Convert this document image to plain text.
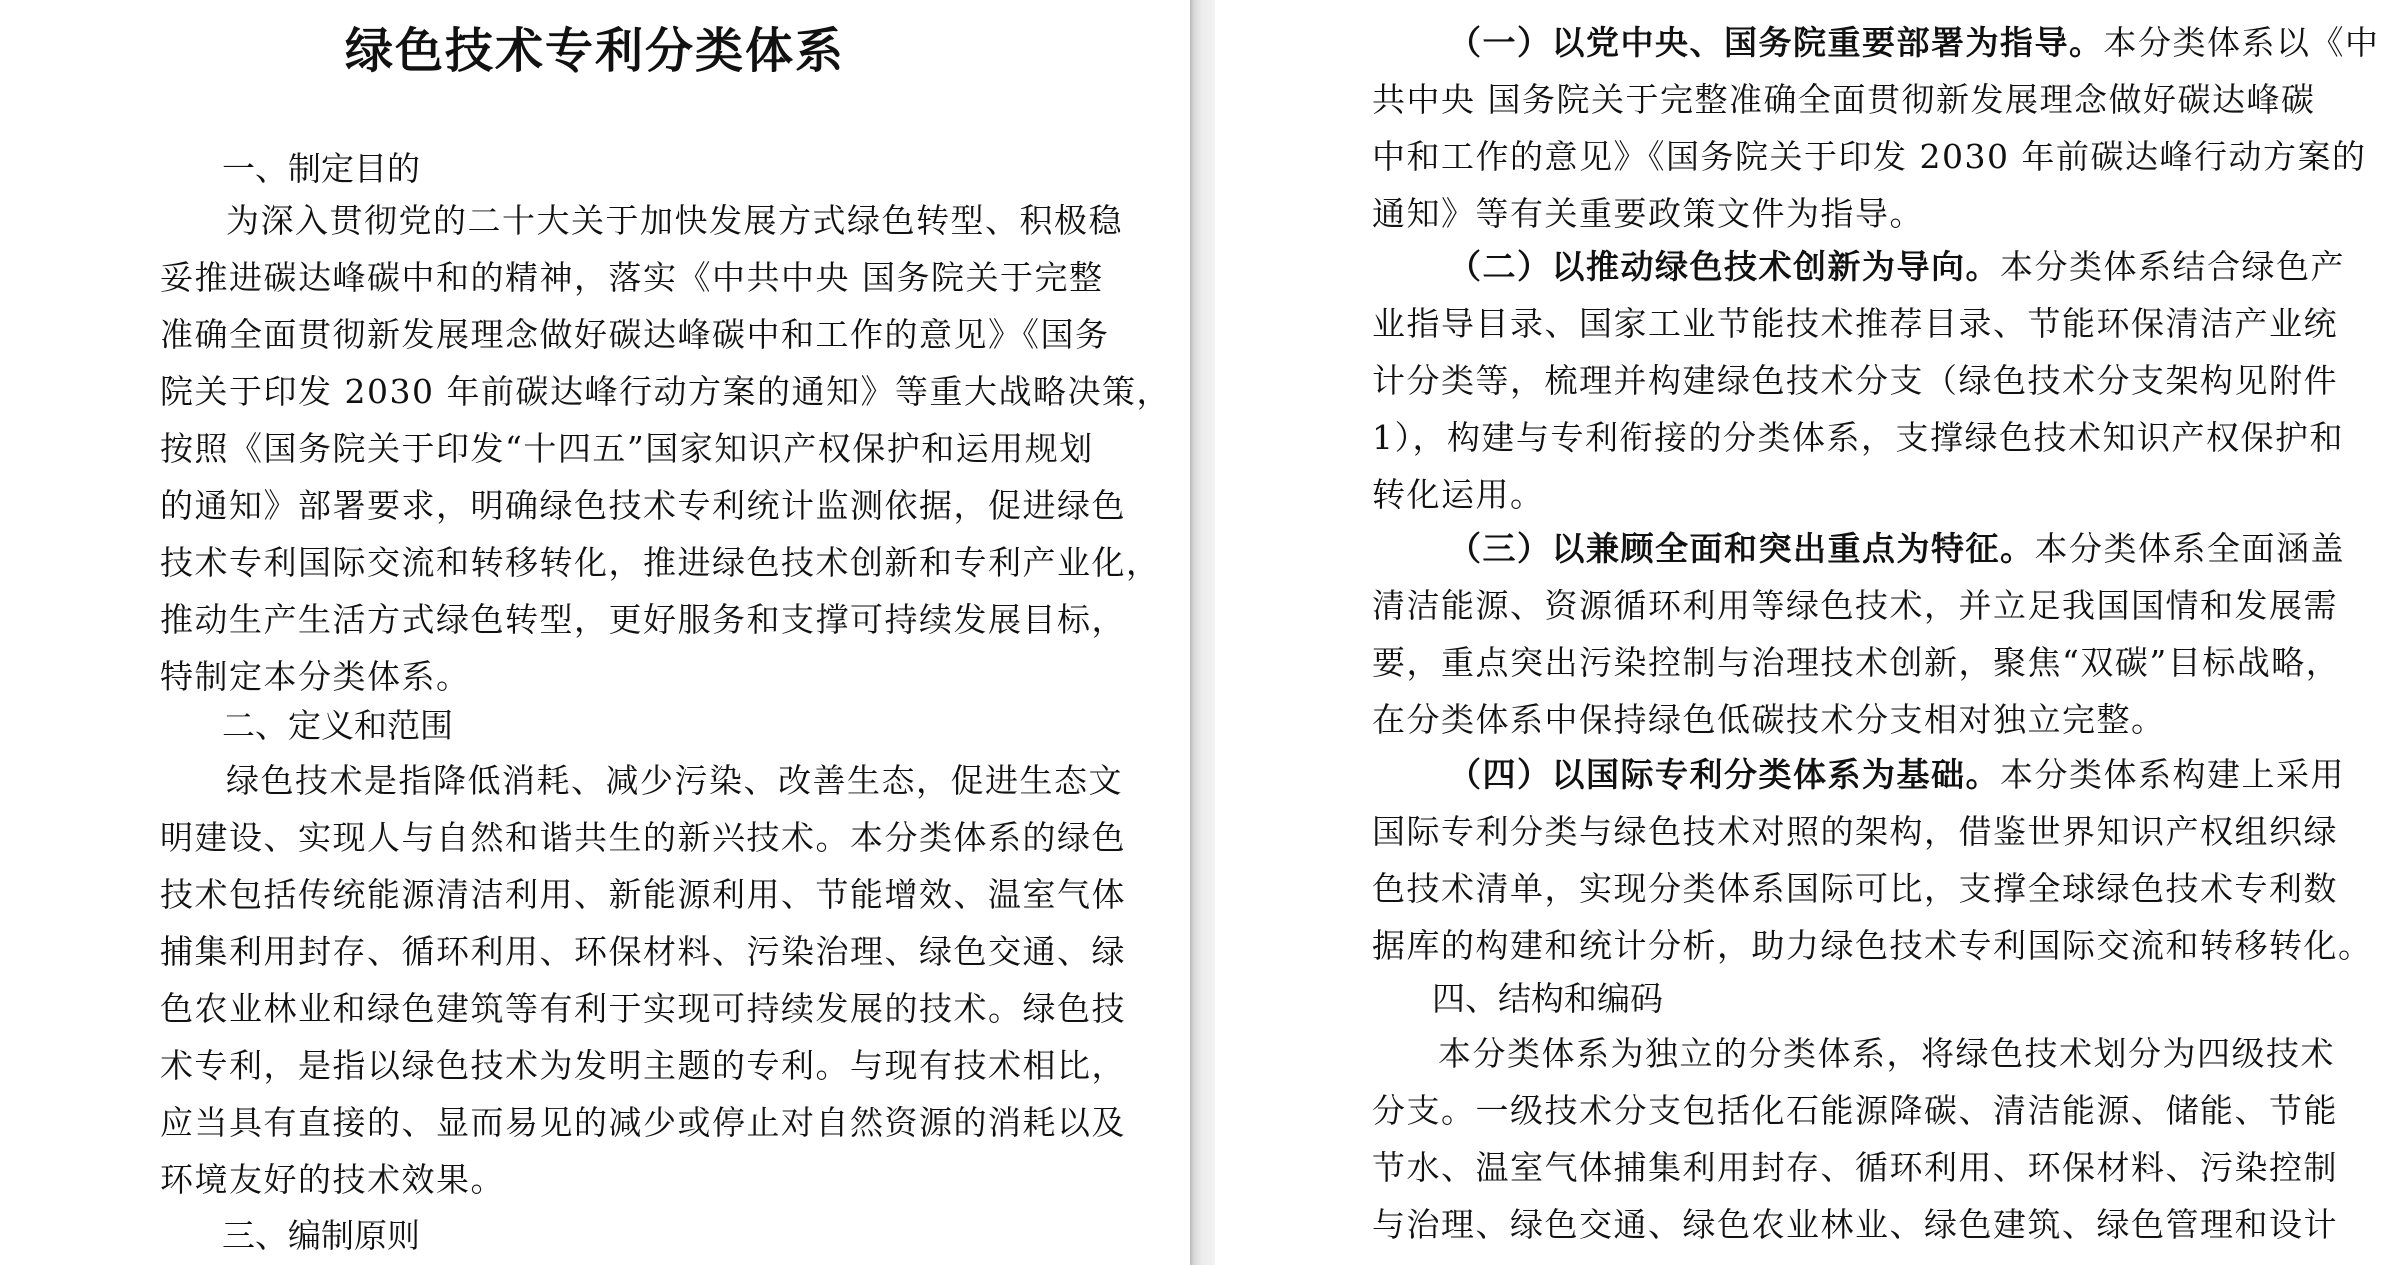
绿色技术专利分类体系
一、制定目的
为深入贯彻党的二十大关于加快发展方式绿色转型、积极稳
妥推进碳达峰碳中和的精神，落实《中共中央 国务院关于完整
准确全面贯彻新发展理念做好碳达峰碳中和工作的意见》《国务
院关于印发 2030 年前碳达峰行动方案的通知》等重大战略决策，
按照《国务院关于印发“十四五”国家知识产权保护和运用规划
的通知》部署要求，明确绿色技术专利统计监测依据，促进绿色
技术专利国际交流和转移转化，推进绿色技术创新和专利产业化，
推动生产生活方式绿色转型，更好服务和支撑可持续发展目标，
特制定本分类体系。
二、定义和范围
绿色技术是指降低消耗、减少污染、改善生态，促进生态文
明建设、实现人与自然和谐共生的新兴技术。本分类体系的绿色
技术包括传统能源清洁利用、新能源利用、节能增效、温室气体
捕集利用封存、循环利用、环保材料、污染治理、绿色交通、绿
色农业林业和绿色建筑等有利于实现可持续发展的技术。绿色技
术专利，是指以绿色技术为发明主题的专利。与现有技术相比，
应当具有直接的、显而易见的减少或停止对自然资源的消耗以及
环境友好的技术效果。
三、编制原则
（一）以党中央、国务院重要部署为指导。本分类体系以《中
共中央 国务院关于完整准确全面贯彻新发展理念做好碳达峰碳
中和工作的意见》《国务院关于印发 2030 年前碳达峰行动方案的
通知》等有关重要政策文件为指导。
（二）以推动绿色技术创新为导向。本分类体系结合绿色产
业指导目录、国家工业节能技术推荐目录、节能环保清洁产业统
计分类等，梳理并构建绿色技术分支（绿色技术分支架构见附件
1），构建与专利衔接的分类体系，支撑绿色技术知识产权保护和
转化运用。
（三）以兼顾全面和突出重点为特征。本分类体系全面涵盖
清洁能源、资源循环利用等绿色技术，并立足我国国情和发展需
要，重点突出污染控制与治理技术创新，聚焦“双碳”目标战略，
在分类体系中保持绿色低碳技术分支相对独立完整。
（四）以国际专利分类体系为基础。本分类体系构建上采用
国际专利分类与绿色技术对照的架构，借鉴世界知识产权组织绿
色技术清单，实现分类体系国际可比，支撑全球绿色技术专利数
据库的构建和统计分析，助力绿色技术专利国际交流和转移转化。
四、结构和编码
本分类体系为独立的分类体系，将绿色技术划分为四级技术
分支。一级技术分支包括化石能源降碳、清洁能源、储能、节能
节水、温室气体捕集利用封存、循环利用、环保材料、污染控制
与治理、绿色交通、绿色农业林业、绿色建筑、绿色管理和设计
